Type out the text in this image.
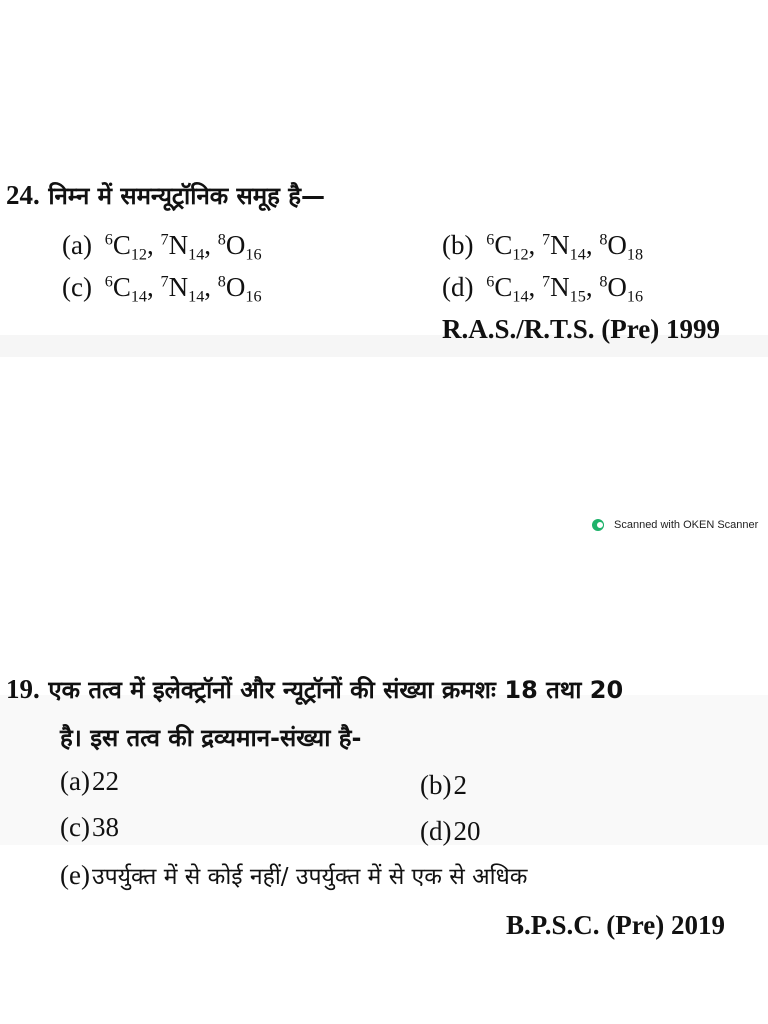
24. निम्न में समन्यूट्रॉनिक समूह है—
(a) $^6C_{12}$, $^7N_{14}$, $^8O_{16}$	(b) $^6C_{12}$, $^7N_{14}$, $^8O_{18}$
(c) $^6C_{14}$, $^7N_{14}$, $^8O_{16}$	(d) $^6C_{14}$, $^7N_{15}$, $^8O_{16}$
R.A.S./R.T.S. (Pre) 1999
Scanned with OKEN Scanner
19. एक तत्व में इलेक्ट्रॉनों और न्यूट्रॉनों की संख्या क्रमशः 18 तथा 20
है। इस तत्व की द्रव्यमान-संख्या है-
(a)22	(b)2
(c)38	(d)20
(e)उपर्युक्त में से कोई नहीं/ उपर्युक्त में से एक से अधिक
B.P.S.C. (Pre) 2019
